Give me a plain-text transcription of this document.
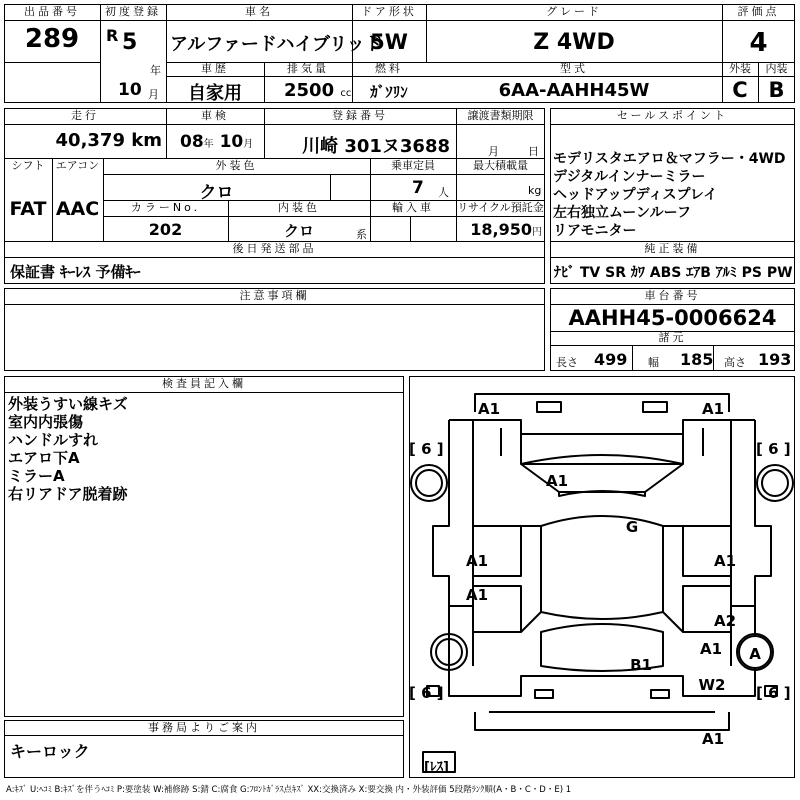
出品番号
289
初度登録
R 5
年
10 月
車名
アルファードハイブリッド
ドア形状
5W
グレード
Z 4WD
評価点
4
車歴
自家用
排気量
2500 cc
燃料
ｶﾞｿﾘﾝ
型式
6AA-AAHH45W
外装
C
内装
B
走行
40,379 km
車検
08年 10月
登録番号
川崎 301ヌ3688
譲渡書類期限
月	日
シフト
FAT
エアコン
AAC
外装色
クロ
乗車定員
7 人
最大積載量
kg
カラーNo.
202
内装色
クロ	系
輸入車	リサイクル預託金
18,950円
後日発送部品
保証書 ｷｰﾚｽ 予備ｷｰ
セールスポイント
モデリスタエアロ＆マフラー・4WD
デジタルインナーミラー
ヘッドアップディスプレイ
左右独立ムーンルーフ
リアモニター
純正装備
ﾅﾋﾞ TV SR ｶﾜ ABS ｴｱB ｱﾙﾐ PS PW
注意事項欄	車台番号
AAHH45-0006624
諸元
長さ 499 幅 185 高さ 193
検査員記入欄
外装うすい線キズ
室内内張傷
ハンドルすれ
エアロ下A
ミラーA
右リアドア脱着跡
事務局よりご案内
キーロック
[ 6 ]	[ 6 ]
[ 6 ]	[ 6 ]
[ﾚｽ]
A1	A1
A1
G
A1	A1
A1
A2
A1 A
B1
W2
A1
A:ｷｽﾞ U:ﾍｺﾐ B:ｷｽﾞを伴うﾍｺﾐ P:要塗装 W:補修跡 S:錆 C:腐食 G:ﾌﾛﾝﾄｶﾞﾗｽ点ｷｽﾞ XX:交換済み X:要交換 内・外装評価 5段階ﾗﾝｸ順(A・B・C・D・E) 1
